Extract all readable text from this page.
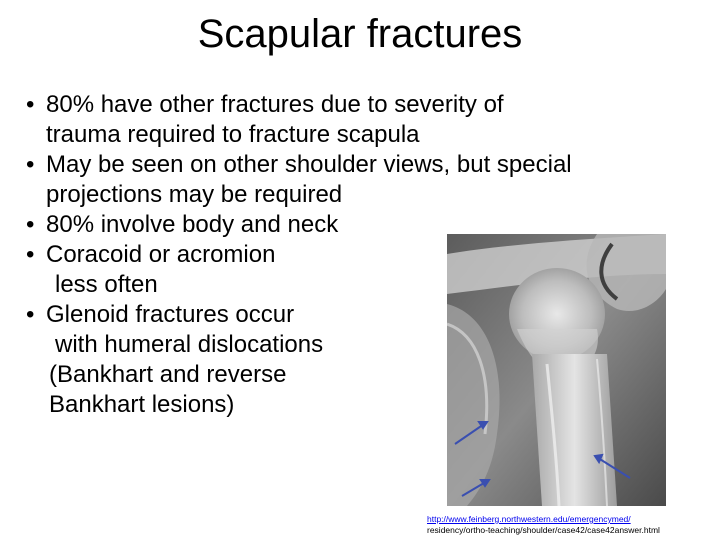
Scapular fractures
• 80% have other fractures due to severity of
trauma required to fracture scapula
• May be seen on other shoulder views, but special
projections may be required
• 80% involve body and neck
• Coracoid or acromion
less often
• Glenoid fractures occur
with humeral dislocations
(Bankhart and reverse
Bankhart lesions)
http://www.feinberg.northwestern.edu/emergencymed/
residency/ortho-teaching/shoulder/case42/case42answer.html
